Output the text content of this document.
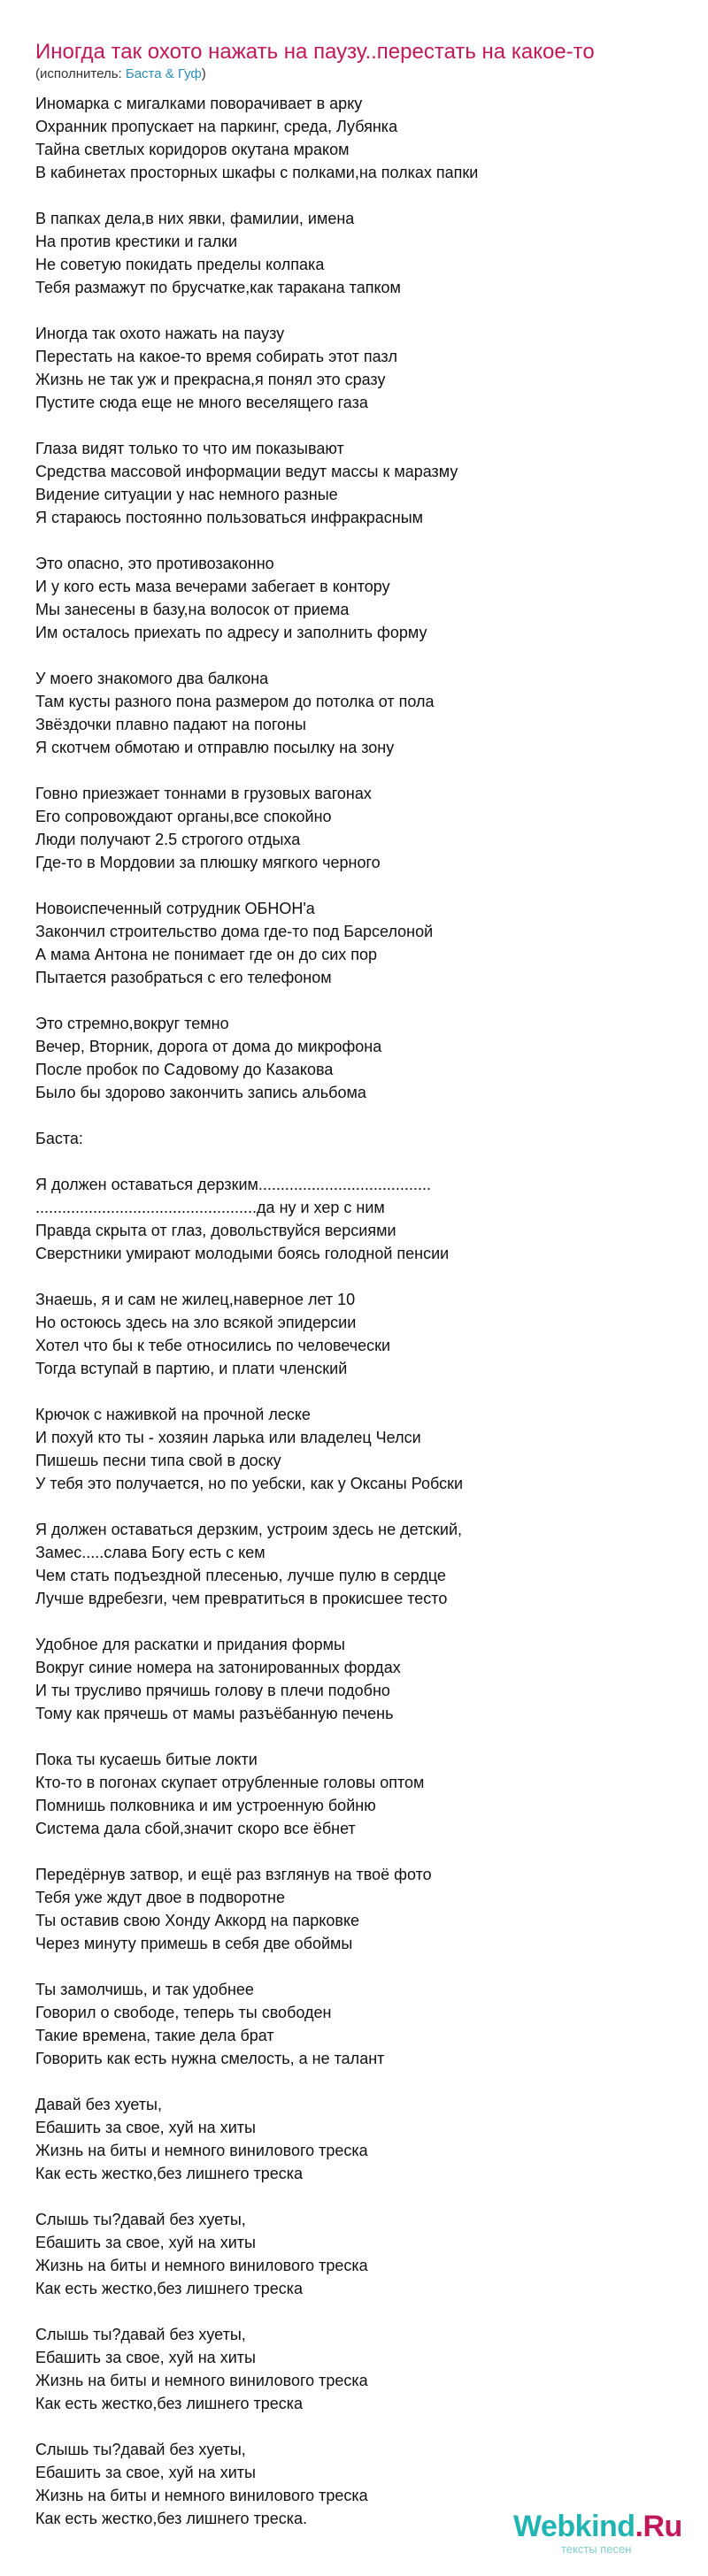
Иногда так охото нажать на паузу..перестать на какое-то
(исполнитель: Баста & Гуф)
Иномарка с мигалками поворачивает в арку
Охранник пропускает на паркинг, среда, Лубянка
Тайна светлых коридоров окутана мраком
В кабинетах просторных шкафы с полками,на полках папки
В папках дела,в них явки, фамилии, имена
На против крестики и галки
Не советую покидать пределы колпака
Тебя размажут по брусчатке,как таракана тапком
Иногда так охото нажать на паузу
Перестать на какое-то время собирать этот пазл
Жизнь не так уж и прекрасна,я понял это сразу
Пустите сюда еще не много веселящего газа
Глаза видят только то что им показывают
Средства массовой информации ведут массы к маразму
Видение ситуации у нас немного разные
Я стараюсь постоянно пользоваться инфракрасным
Это опасно, это противозаконно
И у кого есть маза вечерами забегает в контору
Мы занесены в базу,на волосок от приема
Им осталось приехать по адресу и заполнить форму
У моего знакомого два балкона
Там кусты разного пона размером до потолка от пола
Звёздочки плавно падают на погоны
Я скотчем обмотаю и отправлю посылку на зону
Говно приезжает тоннами в грузовых вагонах
Его сопровождают органы,все спокойно
Люди получают 2.5 строгого отдыха
Где-то в Мордовии за плюшку мягкого черного
Новоиспеченный сотрудник ОБНОН'а
Закончил строительство дома где-то под Барселоной
А мама Антона не понимает где он до сих пор
Пытается разобраться с его телефоном
Это стремно,вокруг темно
Вечер, Вторник, дорога от дома до микрофона
После пробок по Садовому до Казакова
Было бы здорово закончить запись альбома
Баста:
Я должен оставаться дерзким.......................................
..................................................да ну и хер с ним
Правда скрыта от глаз, довольствуйся версиями
Сверстники умирают молодыми боясь голодной пенсии
Знаешь, я и сам не жилец,наверное лет 10
Но остоюсь здесь на зло всякой эпидерсии
Хотел что бы к тебе относились по человечески
Тогда вступай в партию, и плати членский
Крючок с наживкой на прочной леске
И похуй кто ты - хозяин ларька или владелец Челси
Пишешь песни типа свой в доску
У тебя это получается, но по уебски, как у Оксаны Робски
Я должен оставаться дерзким, устроим здесь не детский,
Замес.....слава Богу есть с кем
Чем стать подъездной плесенью, лучше пулю в сердце
Лучше вдребезги, чем превратиться в прокисшее тесто
Удобное для раскатки и придания формы
Вокруг синие номера на затонированных фордах
И ты трусливо прячишь голову в плечи подобно
Тому как прячешь от мамы разъёбанную печень
Пока ты кусаешь битые локти
Кто-то в погонах скупает отрубленные головы оптом
Помнишь полковника и им устроенную бойню
Система дала сбой,значит скоро все ёбнет
Передёрнув затвор, и ещё раз взглянув на твоё фото
Тебя уже ждут двое в подворотне
Ты оставив свою Хонду Аккорд на парковке
Через минуту примешь в себя две обоймы
Ты замолчишь, и так удобнее
Говорил о свободе, теперь ты свободен
Такие времена, такие дела брат
Говорить как есть нужна смелость, а не талант
Давай без хуеты,
Ебашить за свое, хуй на хиты
Жизнь на биты и немного винилового треска
Как есть жестко,без лишнего треска
Слышь ты?давай без хуеты,
Ебашить за свое, хуй на хиты
Жизнь на биты и немного винилового треска
Как есть жестко,без лишнего треска
Слышь ты?давай без хуеты,
Ебашить за свое, хуй на хиты
Жизнь на биты и немного винилового треска
Как есть жестко,без лишнего треска
Слышь ты?давай без хуеты,
Ебашить за свое, хуй на хиты
Жизнь на биты и немного винилового треска
Как есть жестко,без лишнего треска.	Webkind.Ru
тексты песен
